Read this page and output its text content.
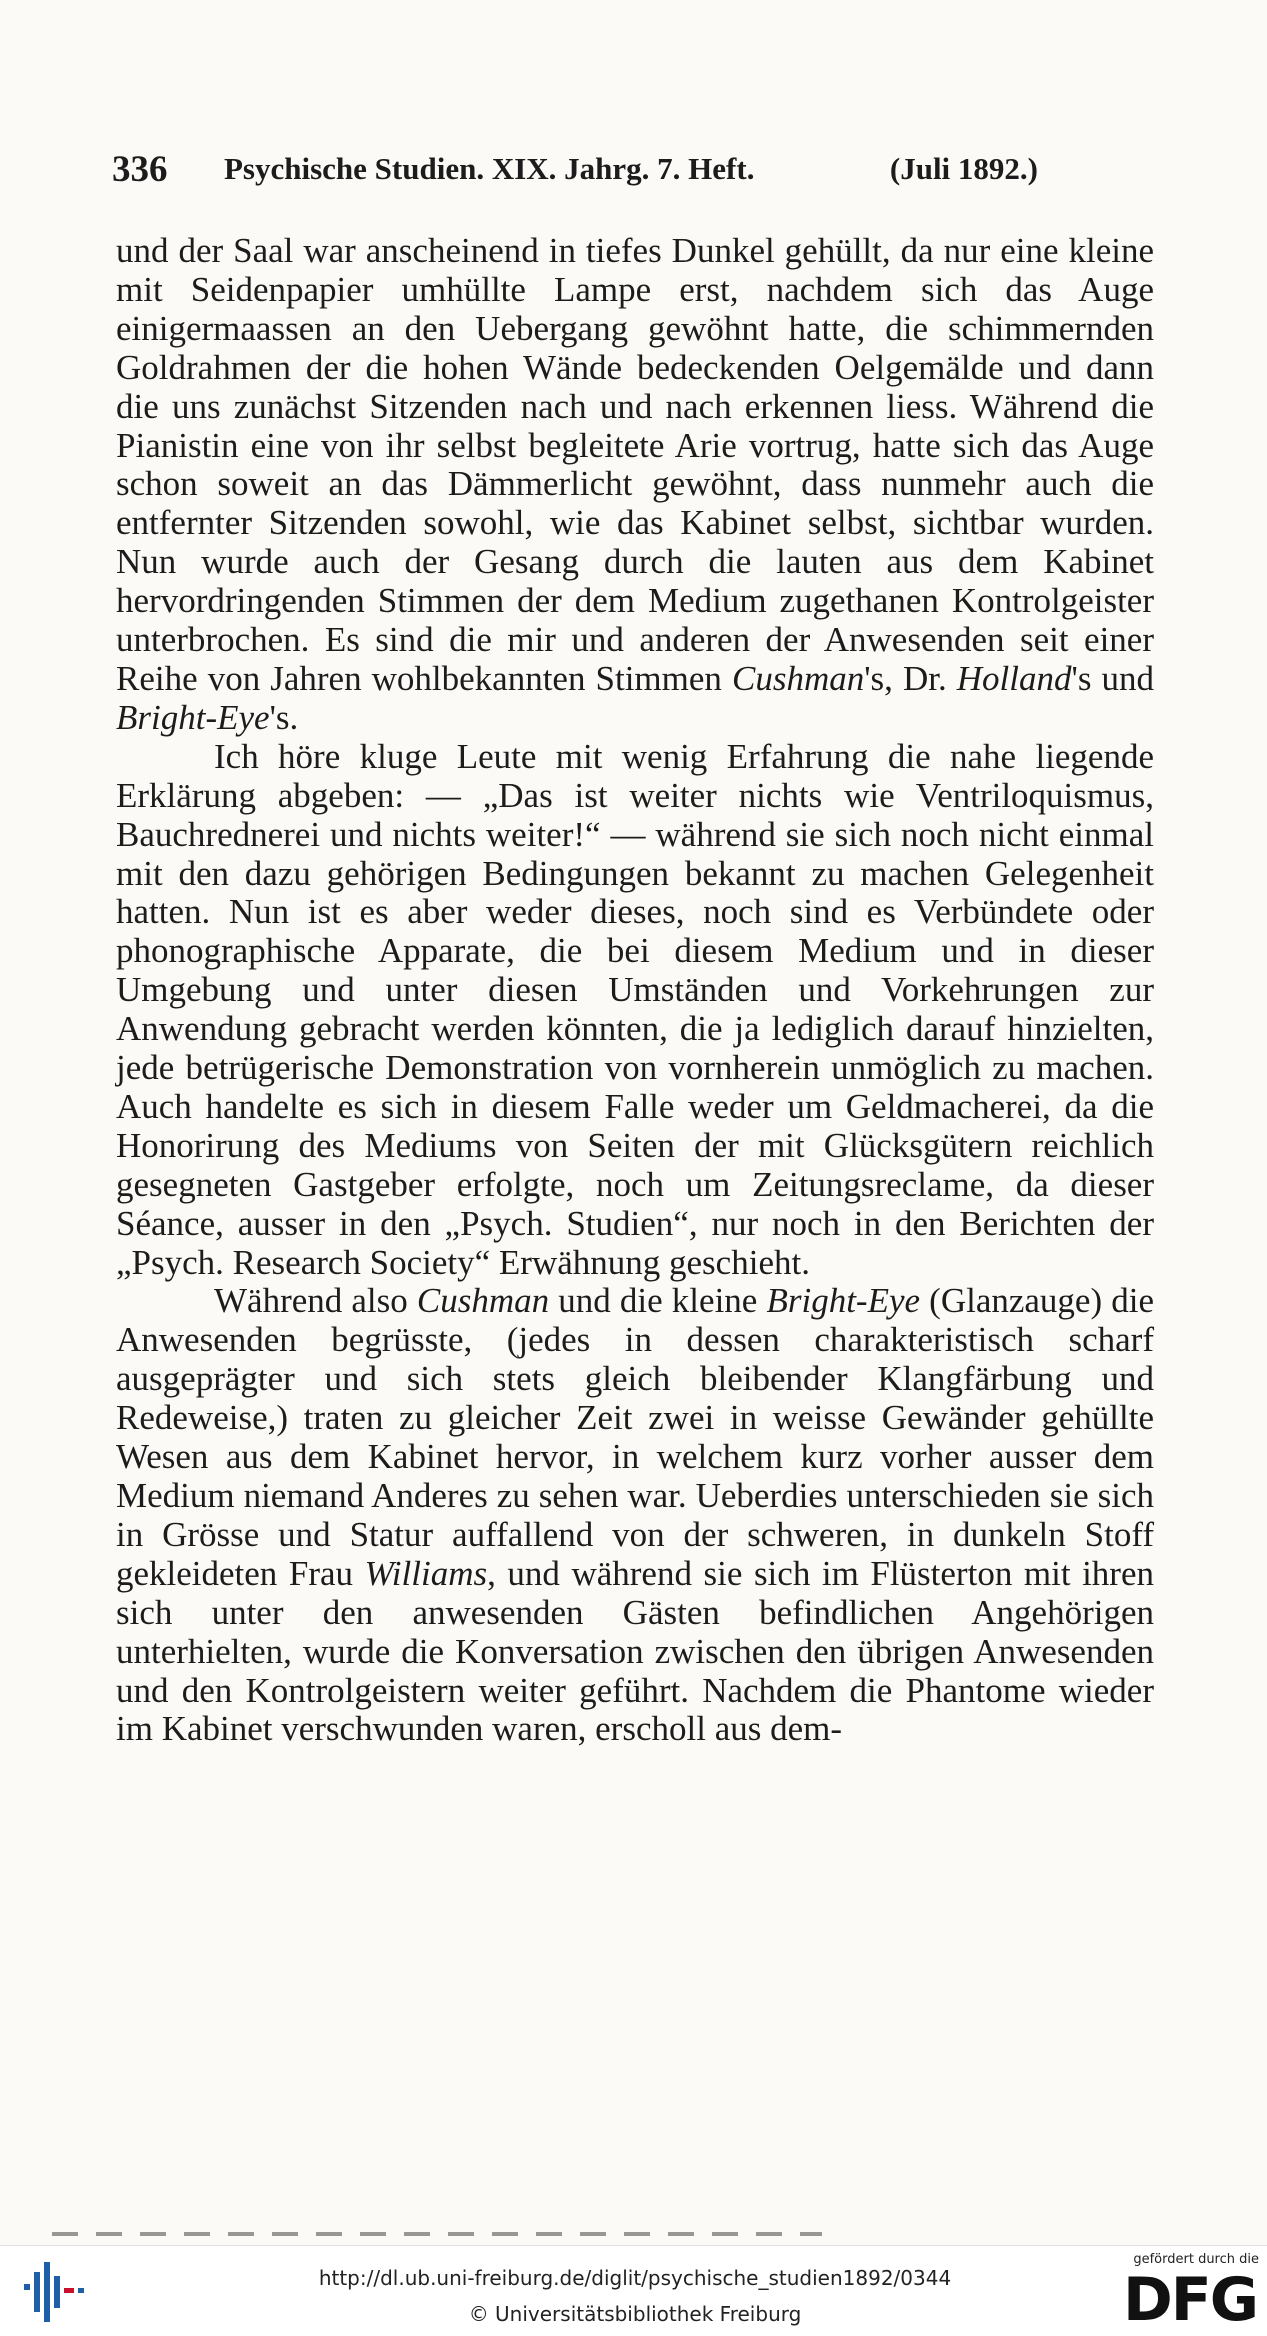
336 Psychische Studien. XIX. Jahrg. 7. Heft.	(Juli 1892.)

und der Saal war anscheinend in tiefes Dunkel gehüllt, da nur eine kleine mit Seidenpapier umhüllte Lampe erst, nachdem sich das Auge einigermaassen an den Uebergang gewöhnt hatte, die schimmernden Goldrahmen der die hohen Wände bedeckenden Oelgemälde und dann die uns zunächst Sitzenden nach und nach erkennen liess. Während die Pianistin eine von ihr selbst begleitete Arie vortrug, hatte sich das Auge schon soweit an das Dämmerlicht gewöhnt, dass nunmehr auch die entfernter Sitzenden sowohl, wie das Kabinet selbst, sichtbar wurden. Nun wurde auch der Gesang durch die lauten aus dem Kabinet hervordringenden Stimmen der dem Medium zugethanen Kontrolgeister unterbrochen. Es sind die mir und anderen der Anwesenden seit einer Reihe von Jahren wohlbekannten Stimmen Cushman's, Dr. Holland's und Bright-Eye's.

Ich höre kluge Leute mit wenig Erfahrung die nahe liegende Erklärung abgeben: — „Das ist weiter nichts wie Ventriloquismus, Bauchrednerei und nichts weiter!“ — während sie sich noch nicht einmal mit den dazu gehörigen Bedingungen bekannt zu machen Gelegenheit hatten. Nun ist es aber weder dieses, noch sind es Verbündete oder phonographische Apparate, die bei diesem Medium und in dieser Umgebung und unter diesen Umständen und Vorkehrungen zur Anwendung gebracht werden könnten, die ja lediglich darauf hinzielten, jede betrügerische Demonstration von vornherein unmöglich zu machen. Auch handelte es sich in diesem Falle weder um Geldmacherei, da die Honorirung des Mediums von Seiten der mit Glücksgütern reichlich gesegneten Gastgeber erfolgte, noch um Zeitungsreclame, da dieser Séance, ausser in den „Psych. Studien“, nur noch in den Berichten der „Psych. Research Society“ Erwähnung geschieht.

Während also Cushman und die kleine Bright-Eye (Glanzauge) die Anwesenden begrüsste, (jedes in dessen charakteristisch scharf ausgeprägter und sich stets gleich bleibender Klangfärbung und Redeweise,) traten zu gleicher Zeit zwei in weisse Gewänder gehüllte Wesen aus dem Kabinet hervor, in welchem kurz vorher ausser dem Medium niemand Anderes zu sehen war. Ueberdies unterschieden sie sich in Grösse und Statur auffallend von der schweren, in dunkeln Stoff gekleideten Frau Williams, und während sie sich im Flüsterton mit ihren sich unter den anwesenden Gästen befindlichen Angehörigen unterhielten, wurde die Konversation zwischen den übrigen Anwesenden und den Kontrolgeistern weiter geführt. Nachdem die Phantome wieder im Kabinet verschwunden waren, erscholl aus dem-

http://dl.ub.uni-freiburg.de/diglit/psychische_studien1892/0344
© Universitätsbibliothek Freiburg
gefördert durch die
DFG
